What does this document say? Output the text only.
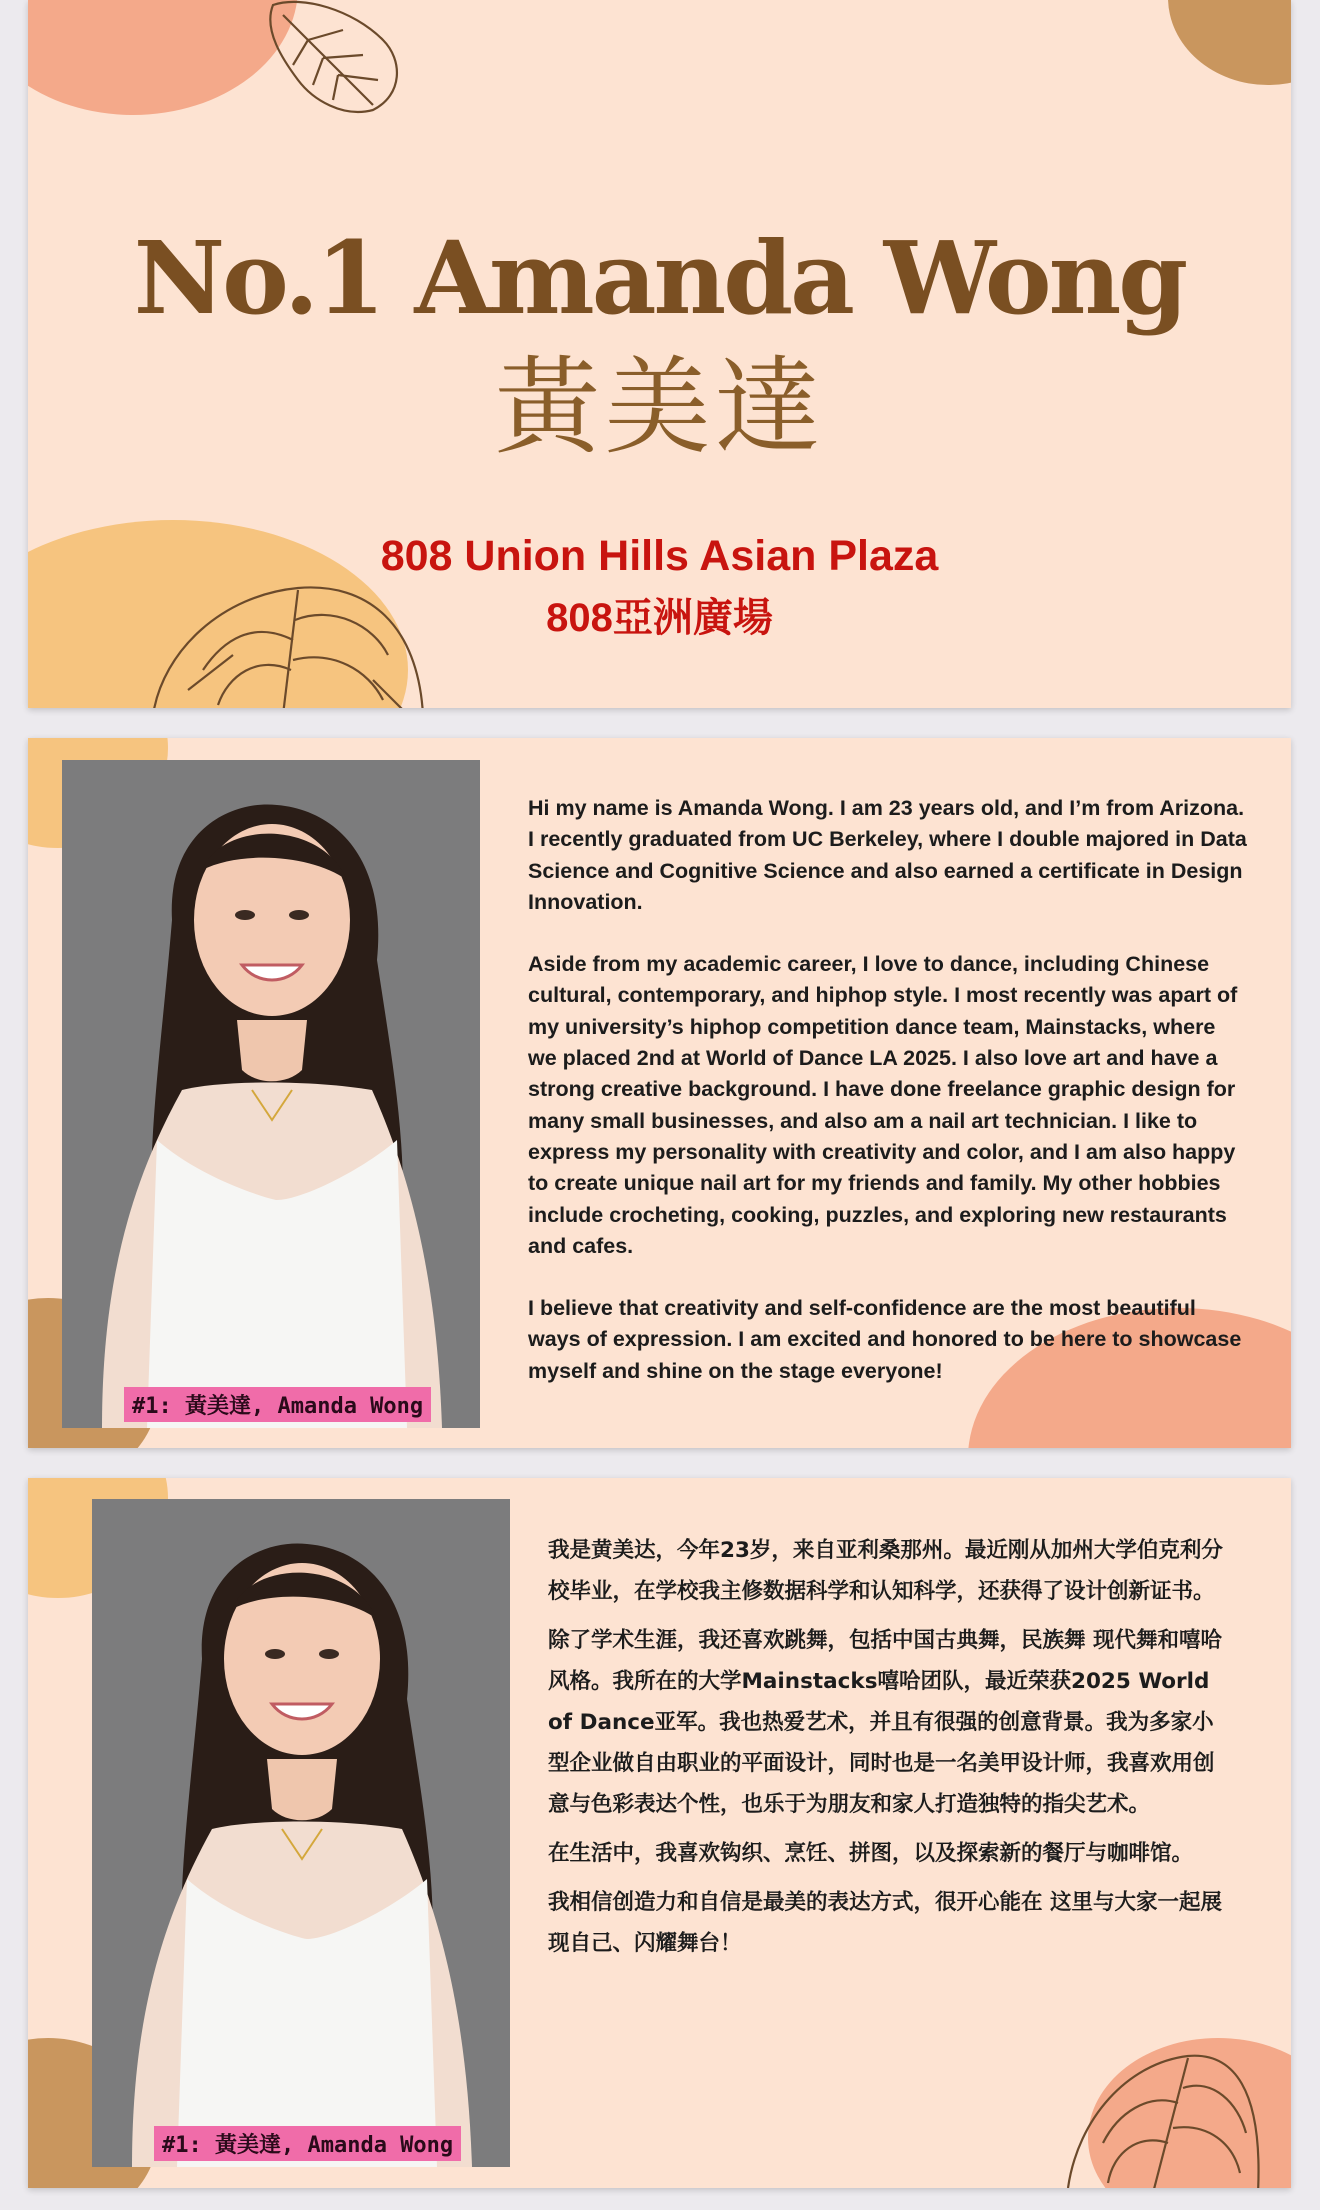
No.1 Amanda Wong
黃美達
808 Union Hills Asian Plaza
808亞洲廣場
#1: 黃美達, Amanda Wong

Hi my name is Amanda Wong. I am 23 years old, and I’m from Arizona. I recently graduated from UC Berkeley, where I double majored in Data Science and Cognitive Science and also earned a certificate in Design Innovation.

Aside from my academic career, I love to dance, including Chinese cultural, contemporary, and hiphop style. I most recently was apart of my university’s hiphop competition dance team, Mainstacks, where we placed 2nd at World of Dance LA 2025. I also love art and have a strong creative background. I have done freelance graphic design for many small businesses, and also am a nail art technician. I like to express my personality with creativity and color, and I am also happy to create unique nail art for my friends and family. My other hobbies include crocheting, cooking, puzzles, and exploring new restaurants and cafes.

I believe that creativity and self-confidence are the most beautiful ways of expression. I am excited and honored to be here to showcase myself and shine on the stage everyone!

#1: 黃美達, Amanda Wong

我是黄美达，今年23岁，来自亚利桑那州。最近刚从加州大学伯克利分校毕业，在学校我主修数据科学和认知科学，还获得了设计创新证书。

除了学术生涯，我还喜欢跳舞，包括中国古典舞，民族舞 现代舞和嘻哈风格。我所在的大学Mainstacks嘻哈团队，最近荣获2025 World of Dance亚军。我也热爱艺术，并且有很强的创意背景。我为多家小型企业做自由职业的平面设计，同时也是一名美甲设计师，我喜欢用创意与色彩表达个性，也乐于为朋友和家人打造独特的指尖艺术。

在生活中，我喜欢钩织、烹饪、拼图，以及探索新的餐厅与咖啡馆。

我相信创造力和自信是最美的表达方式，很开心能在 这里与大家一起展现自己、闪耀舞台！
